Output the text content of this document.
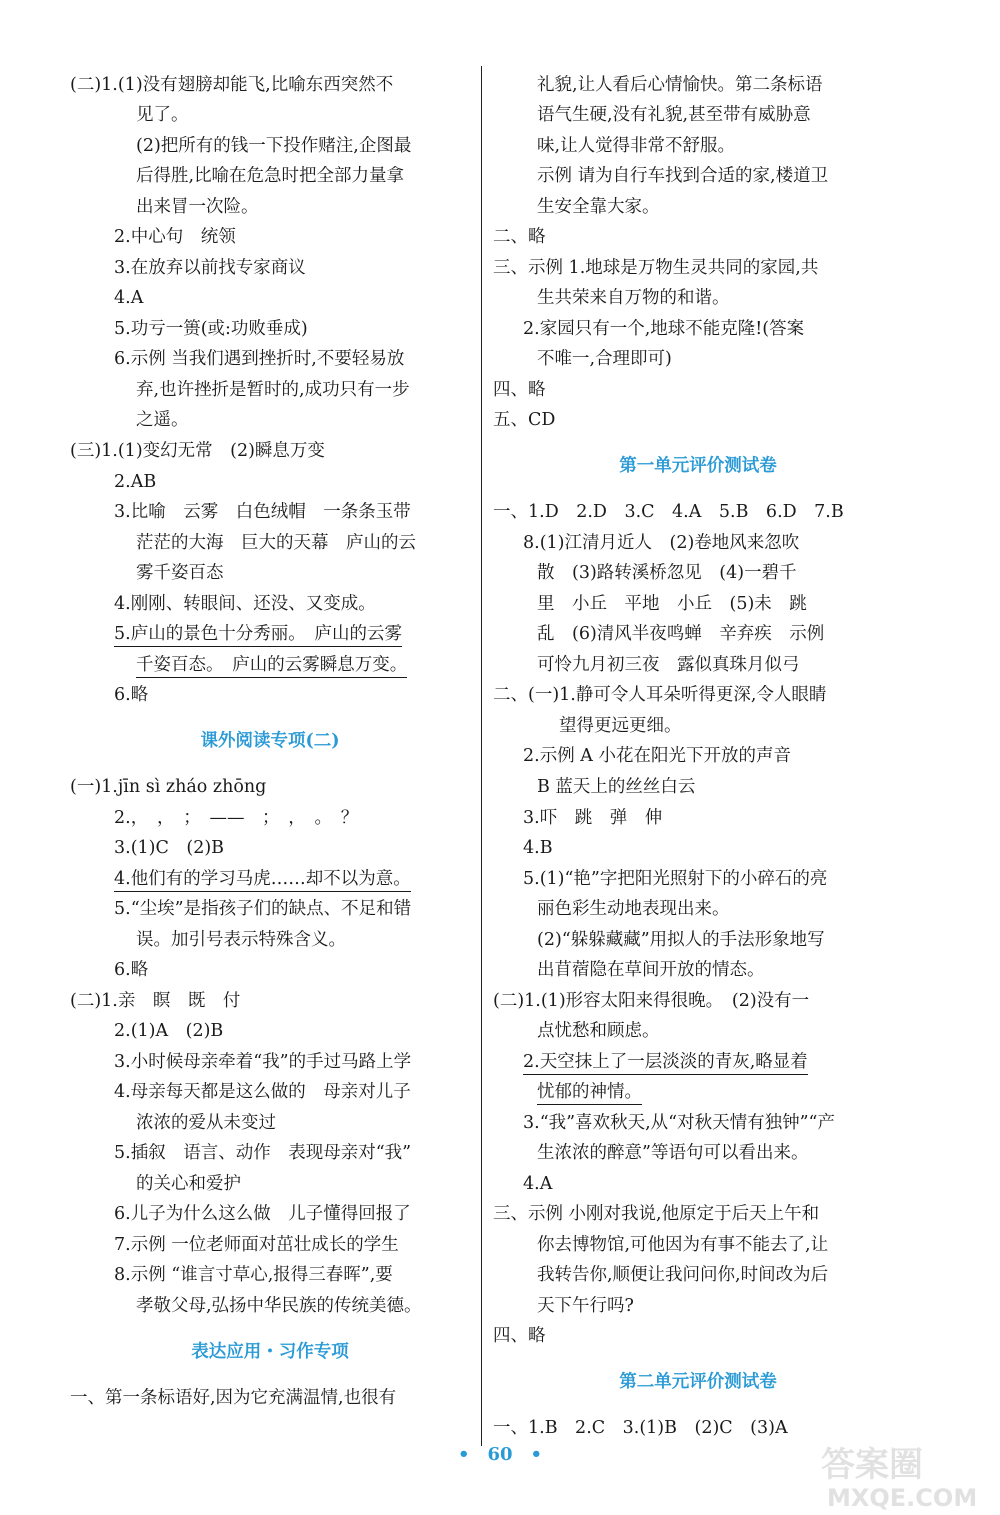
(二)1.(1)没有翅膀却能飞,比喻东西突然不
见了。
(2)把所有的钱一下投作赌注,企图最
后得胜,比喻在危急时把全部力量拿
出来冒一次险。
2.中心句　统领
3.在放弃以前找专家商议
4.A
5.功亏一篑(或:功败垂成)
6.示例 当我们遇到挫折时,不要轻易放
弃,也许挫折是暂时的,成功只有一步
之遥。
(三)1.(1)变幻无常　(2)瞬息万变
2.AB
3.比喻　云雾　白色绒帽　一条条玉带
茫茫的大海　巨大的天幕　庐山的云
雾千姿百态
4.刚刚、转眼间、还没、又变成。
5.庐山的景色十分秀丽。　庐山的云雾
千姿百态。　庐山的云雾瞬息万变。
6.略
(一)1.jīn sì zháo zhōng
2.，　，　；　——　；　，　。　？
3.(1)C　(2)B
4.他们有的学习马虎……却不以为意。
5.“尘埃”是指孩子们的缺点、不足和错
误。加引号表示特殊含义。
6.略
(二)1.亲　瞑　既　付
2.(1)A　(2)B
3.小时候母亲牵着“我”的手过马路上学
4.母亲每天都是这么做的　母亲对儿子
浓浓的爱从未变过
5.插叙　语言、动作　表现母亲对“我”
的关心和爱护
6.儿子为什么这么做　儿子懂得回报了
7.示例 一位老师面对茁壮成长的学生
8.示例 “谁言寸草心,报得三春晖”,要
孝敬父母,弘扬中华民族的传统美德。
一、第一条标语好,因为它充满温情,也很有
课外阅读专项(二)
表达应用・习作专项
礼貌,让人看后心情愉快。第二条标语
语气生硬,没有礼貌,甚至带有威胁意
味,让人觉得非常不舒服。
示例 请为自行车找到合适的家,楼道卫
生安全靠大家。
二、略
三、示例 1.地球是万物生灵共同的家园,共
生共荣来自万物的和谐。
2.家园只有一个,地球不能克隆!(答案
不唯一,合理即可)
四、略
五、CD
一、1.D　2.D　3.C　4.A　5.B　6.D　7.B
8.(1)江清月近人　(2)卷地风来忽吹
散　(3)路转溪桥忽见　(4)一碧千
里　小丘　平地　小丘　(5)未　跳
乱　(6)清风半夜鸣蝉　辛弃疾　示例
可怜九月初三夜　露似真珠月似弓
二、(一)1.静可令人耳朵听得更深,令人眼睛
望得更远更细。
2.示例 A 小花在阳光下开放的声音
B 蓝天上的丝丝白云
3.吓　跳　弹　伸
4.B
5.(1)“艳”字把阳光照射下的小碎石的亮
丽色彩生动地表现出来。
(2)“躲躲藏藏”用拟人的手法形象地写
出苜蓿隐在草间开放的情态。
(二)1.(1)形容太阳来得很晚。　(2)没有一
点忧愁和顾虑。
2.天空抹上了一层淡淡的青灰,略显着
忧郁的神情。
3.“我”喜欢秋天,从“对秋天情有独钟”“产
生浓浓的醉意”等语句可以看出来。
4.A
三、示例 小刚对我说,他原定于后天上午和
你去博物馆,可他因为有事不能去了,让
我转告你,顺便让我问问你,时间改为后
天下午行吗?
四、略
一、1.B　2.C　3.(1)B　(2)C　(3)A
第一单元评价测试卷
第二单元评价测试卷
•　60　•	答案圈
MXQE.COM
